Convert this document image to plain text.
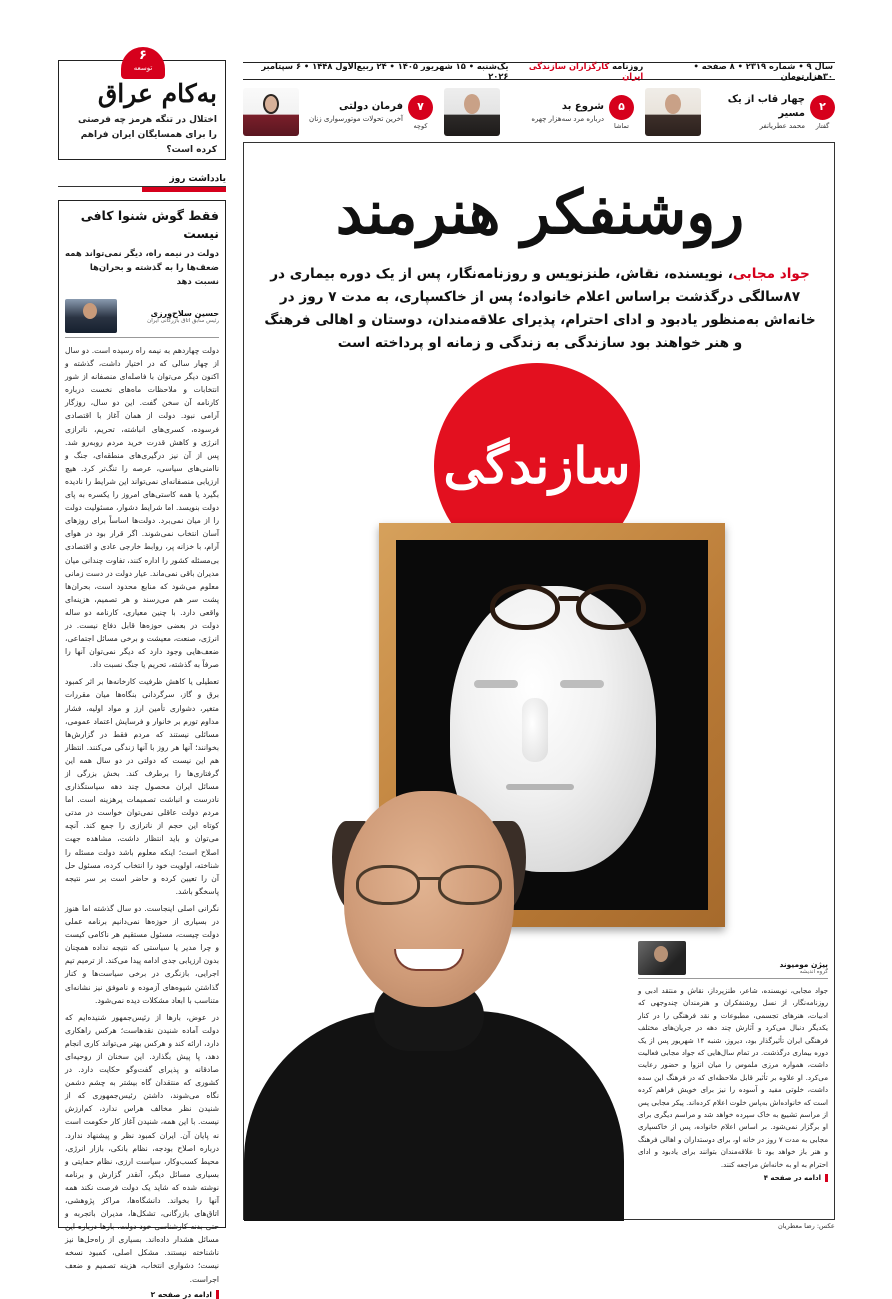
۶
توسعه
به‌کام عراق
اختلال در تنگه هرمز چه فرصتی را برای همسایگان ایران فراهم کرده است؟
یادداشت روز
فقط گوش شنوا کافی نیست
دولت در نیمه راه، دیگر نمی‌تواند همه ضعف‌ها را به گذشته و بحران‌ها نسبت دهد
حسین سلاح‌ورزی
رئیس سابق اتاق بازرگانی ایران

دولت چهاردهم به نیمه راه رسیده است. دو سال از چهار سالی که در اختیار داشت، گذشته و اکنون دیگر می‌توان با فاصله‌ای منصفانه از شور انتخابات و ملاحظات ماه‌های نخست درباره کارنامه آن سخن گفت. این دو سال، روزگار آرامی نبود. دولت از همان آغاز با اقتصادی فرسوده، کسری‌های انباشته، تحریم، ناترازی انرژی و کاهش قدرت خرید مردم روبه‌رو شد. پس از آن نیز درگیری‌های منطقه‌ای، جنگ و ناامنی‌های سیاسی، عرصه را تنگ‌تر کرد. هیچ ارزیابی منصفانه‌ای نمی‌تواند این شرایط را نادیده بگیرد یا همه کاستی‌های امروز را یکسره به پای دولت بنویسد. اما شرایط دشوار، مسئولیت دولت را از میان نمی‌برد. دولت‌ها اساساً برای روزهای آسان انتخاب نمی‌شوند. اگر قرار بود در هوای آرام، با خزانه پر، روابط خارجی عادی و اقتصادی بی‌مسئله کشور را اداره کنند، تفاوت چندانی میان مدیران باقی نمی‌ماند. عیار دولت در دست زمانی معلوم می‌شود که منابع محدود است، بحران‌ها پشت سر هم می‌رسند و هر تصمیم، هزینه‌ای واقعی دارد. با چنین معیاری، کارنامه دو ساله دولت در بعضی حوزه‌ها قابل دفاع نیست. در انرژی، صنعت، معیشت و برخی مسائل اجتماعی، ضعف‌هایی وجود دارد که دیگر نمی‌توان آنها را صرفاً به گذشته، تحریم یا جنگ نسبت داد.

تعطیلی یا کاهش ظرفیت کارخانه‌ها بر اثر کمبود برق و گاز، سرگردانی بنگاه‌ها میان مقررات متغیر، دشواری تأمین ارز و مواد اولیه، فشار مداوم تورم بر خانوار و فرسایش اعتماد عمومی، مسائلی نیستند که مردم فقط در گزارش‌ها بخوانند؛ آنها هر روز با آنها زندگی می‌کنند. انتظار هم این نیست که دولتی در دو سال همه این گرفتاری‌ها را برطرف کند. بخش بزرگی از مسائل ایران محصول چند دهه سیاستگذاری نادرست و انباشت تصمیمات یرهزینه است. اما مردم دولت عاقلی نمی‌توان خواست در مدتی کوتاه این حجم از ناترازی را جمع کند. آنچه می‌توان و باید انتظار داشت، مشاهده جهت اصلاح است؛ اینکه معلوم باشد دولت مسئله را شناخته، اولویت خود را انتخاب کرده، مسئول حل آن را تعیین کرده و حاضر است بر سر نتیجه پاسخگو باشد.

نگرانی اصلی اینجاست. دو سال گذشته اما هنوز در بسیاری از حوزه‌ها نمی‌دانیم برنامه عملی دولت چیست، مسئول مستقیم هر ناکامی کیست و چرا مدیر یا سیاستی که نتیجه نداده همچنان بدون ارزیابی جدی ادامه پیدا می‌کند. از ترمیم تیم اجرایی، بازنگری در برخی سیاست‌ها و کنار گذاشتن شیوه‌های آزموده و ناموفق نیز نشانه‌ای متناسب با ابعاد مشکلات دیده نمی‌شود.

در عوض، بارها از رئیس‌جمهور شنیده‌ایم که دولت آماده شنیدن نقدهاست؛ هرکس راهکاری دارد، ارائه کند و هرکس بهتر می‌تواند کاری انجام دهد، پا پیش بگذارد. این سخنان از روحیه‌ای صادقانه و پذیرای گفت‌وگو حکایت دارد. در کشوری که منتقدان گاه بیشتر به چشم دشمن نگاه می‌شوند، داشتن رئیس‌جمهوری که از شنیدن نظر مخالف هراس ندارد، کم‌ارزش نیست. با این همه، شنیدن آغاز کار حکومت است نه پایان آن. ایران کمبود نظر و پیشنهاد ندارد. درباره اصلاح بودجه، نظام بانکی، بازار انرژی، محیط کسب‌وکار، سیاست ارزی، نظام حمایتی و بسیاری مسائل دیگر، آنقدر گزارش و برنامه نوشته شده که شاید یک دولت فرصت نکند همه آنها را بخواند. دانشگاه‌ها، مراکز پژوهشی، اتاق‌های بازرگانی، تشکل‌ها، مدیران باتجربه و حتی بدنه کارشناسی خود دولت، بارها درباره این مسائل هشدار داده‌اند. بسیاری از راه‌حل‌ها نیز ناشناخته نیستند. مشکل اصلی، کمبود نسخه نیست؛ دشواری انتخاب، هزینه تصمیم و ضعف اجراست.

ادامه در صفحه ۲
سال ۹ • شماره ۲۳۱۹ • ۸ صفحه • ۳۰هزارتومان
روزنامه کارگزاران سازندگی ایران
یک‌شنبه • ۱۵ شهریور ۱۴۰۵ • ۲۴ ربیع‌الاول ۱۴۴۸ • ۶ سپتامبر ۲۰۲۶
۲
گفتار
چهار قاب از یک مسیر
محمد عطریانفر
۵
تماشا
شروع بد
درباره مرد سه‌هزار چهره
۷
کوچه
فرمان دولتی
آخرین تحولات موتورسواری زنان
روشنفکر هنرمند
جواد مجابی، نویسنده، نقاش، طنزنویس و روزنامه‌نگار، پس از یک دوره بیماری در ۸۷سالگی درگذشت براساس اعلام خانواده؛ پس از خاکسپاری، به مدت ۷ روز در خانه‌اش به‌منظور یادبود و ادای احترام، پذیرای علاقه‌مندان، دوستان و اهالی فرهنگ و هنر خواهند بود سازندگی به زندگی و زمانه او پرداخته است
سازندگی
بیژن مومیوند
گروه اندیشه
جواد مجابی، نویسنده، شاعر، طنزپرداز، نقاش و منتقد ادبی و روزنامه‌نگار، از نسل روشنفکران و هنرمندان چندوجهی که ادبیات، هنرهای تجسمی، مطبوعات و نقد فرهنگی را در کنار یکدیگر دنبال می‌کرد و آثارش چند دهه در جریان‌های مختلف فرهنگی ایران تأثیرگذار بود، دیروز، شنبه ۱۴ شهریور پس از یک دوره بیماری درگذشت. در تمام سال‌هایی که جواد مجابی فعالیت داشت، همواره مرزی ملموس را میان انزوا و حضور رعایت می‌کرد. او علاوه بر تأثیر قابل ملاحظه‌ای که در فرهنگ این سده داشت، خلوتی مفید و آسوده را نیز برای خویش فراهم کرده است که خانواده‌اش به‌پاس خلوت اعلام کرده‌اند. پیکر مجابی پس از مراسم تشییع به خاک سپرده خواهد شد و مراسم دیگری برای او برگزار نمی‌شود. بر اساس اعلام خانواده، پس از خاکسپاری مجابی به مدت ۷ روز در خانه او، برای دوستداران و اهالی فرهنگ و هنر باز خواهد بود تا علاقه‌مندان بتوانند برای یادبود و ادای احترام به او به خانه‌اش مراجعه کنند.
ادامه در صفحه ۴
عکس: رضا معطریان
